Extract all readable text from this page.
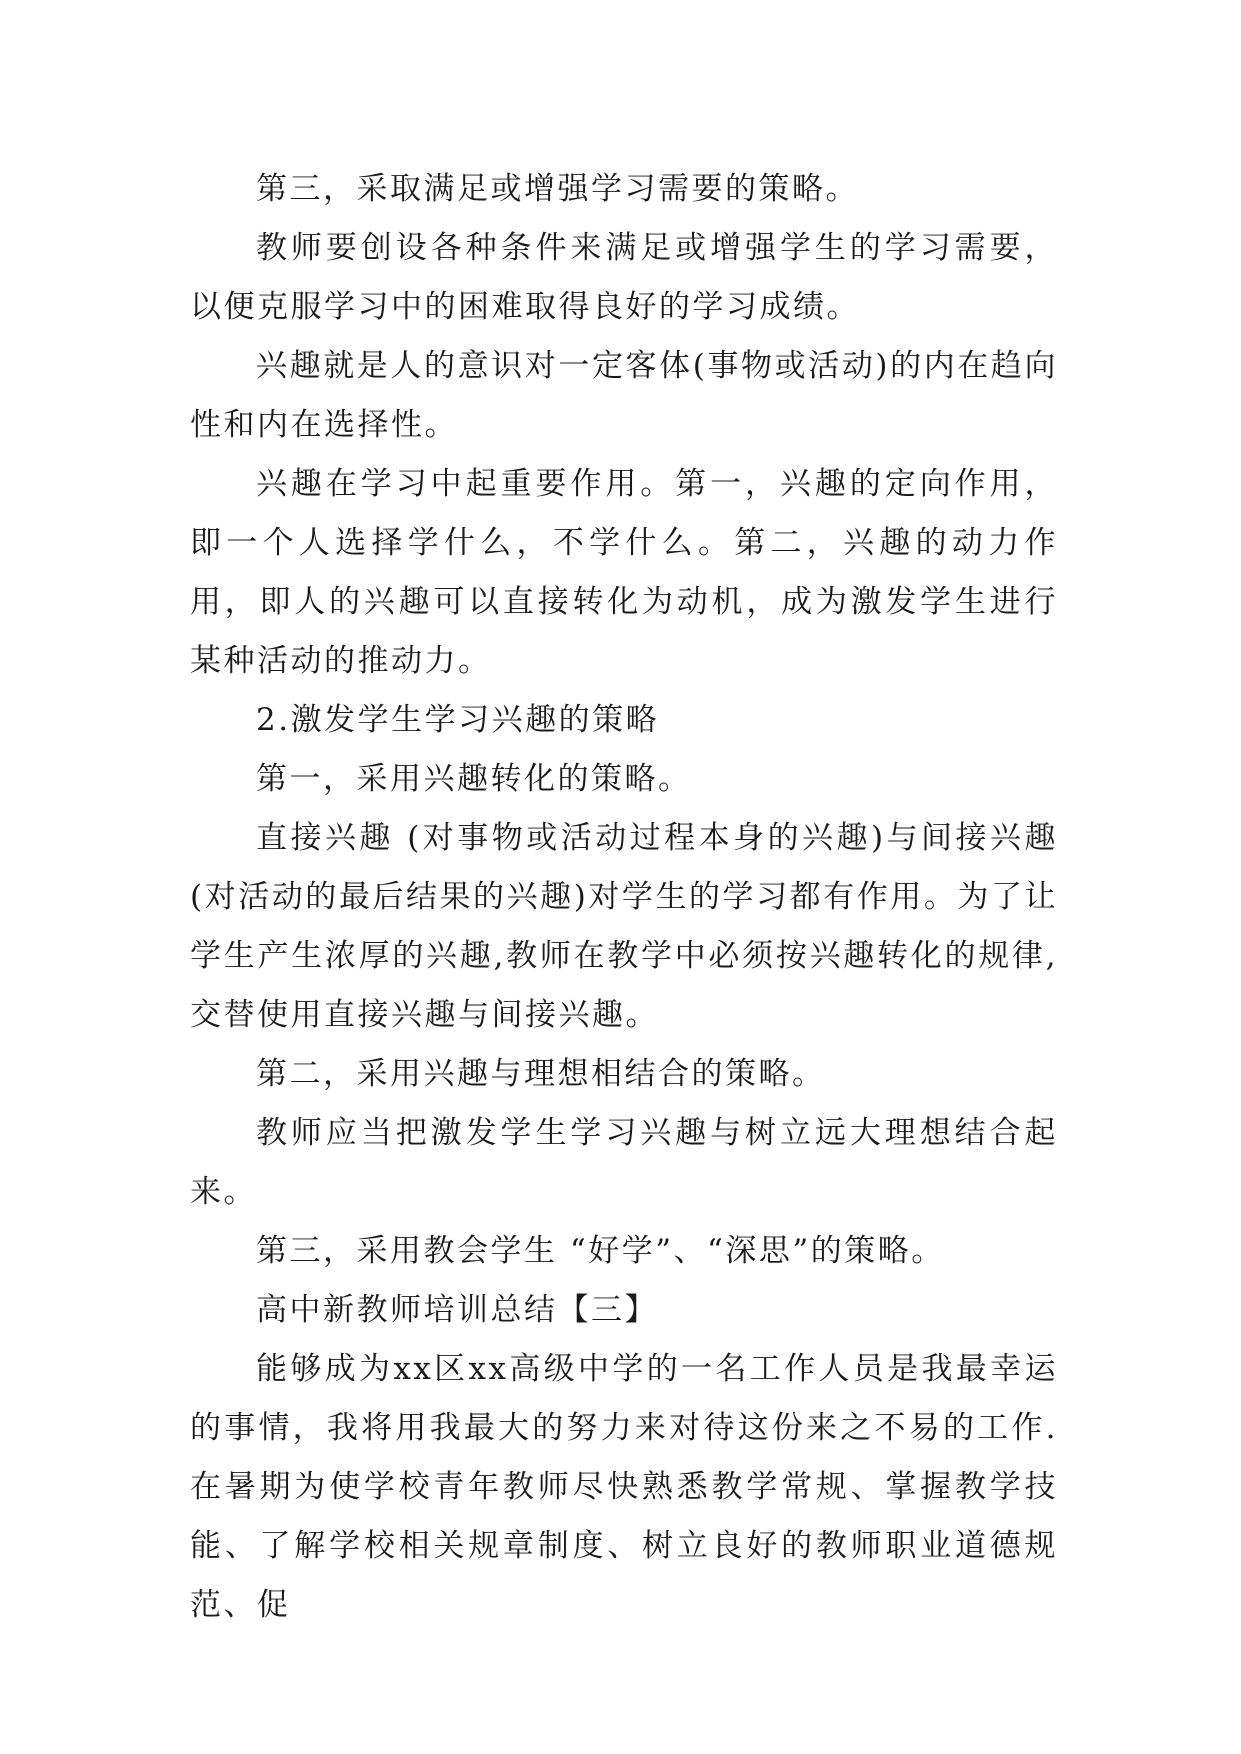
第三，采取满足或增强学习需要的策略。

教师要创设各种条件来满足或增强学生的学习需要，以便克服学习中的困难取得良好的学习成绩。

兴趣就是人的意识对一定客体(事物或活动)的内在趋向性和内在选择性。

兴趣在学习中起重要作用。第一，兴趣的定向作用，即一个人选择学什么，不学什么。第二，兴趣的动力作用，即人的兴趣可以直接转化为动机，成为激发学生进行某种活动的推动力。

2.激发学生学习兴趣的策略

第一，采用兴趣转化的策略。

直接兴趣 (对事物或活动过程本身的兴趣)与间接兴趣(对活动的最后结果的兴趣)对学生的学习都有作用。为了让学生产生浓厚的兴趣,教师在教学中必须按兴趣转化的规律,交替使用直接兴趣与间接兴趣。

第二，采用兴趣与理想相结合的策略。

教师应当把激发学生学习兴趣与树立远大理想结合起来。

第三，采用教会学生 “好学”、“深思”的策略。

高中新教师培训总结【三】

能够成为xx区xx高级中学的一名工作人员是我最幸运的事情，我将用我最大的努力来对待这份来之不易的工作.在暑期为使学校青年教师尽快熟悉教学常规、掌握教学技能、了解学校相关规章制度、树立良好的教师职业道德规范、促
